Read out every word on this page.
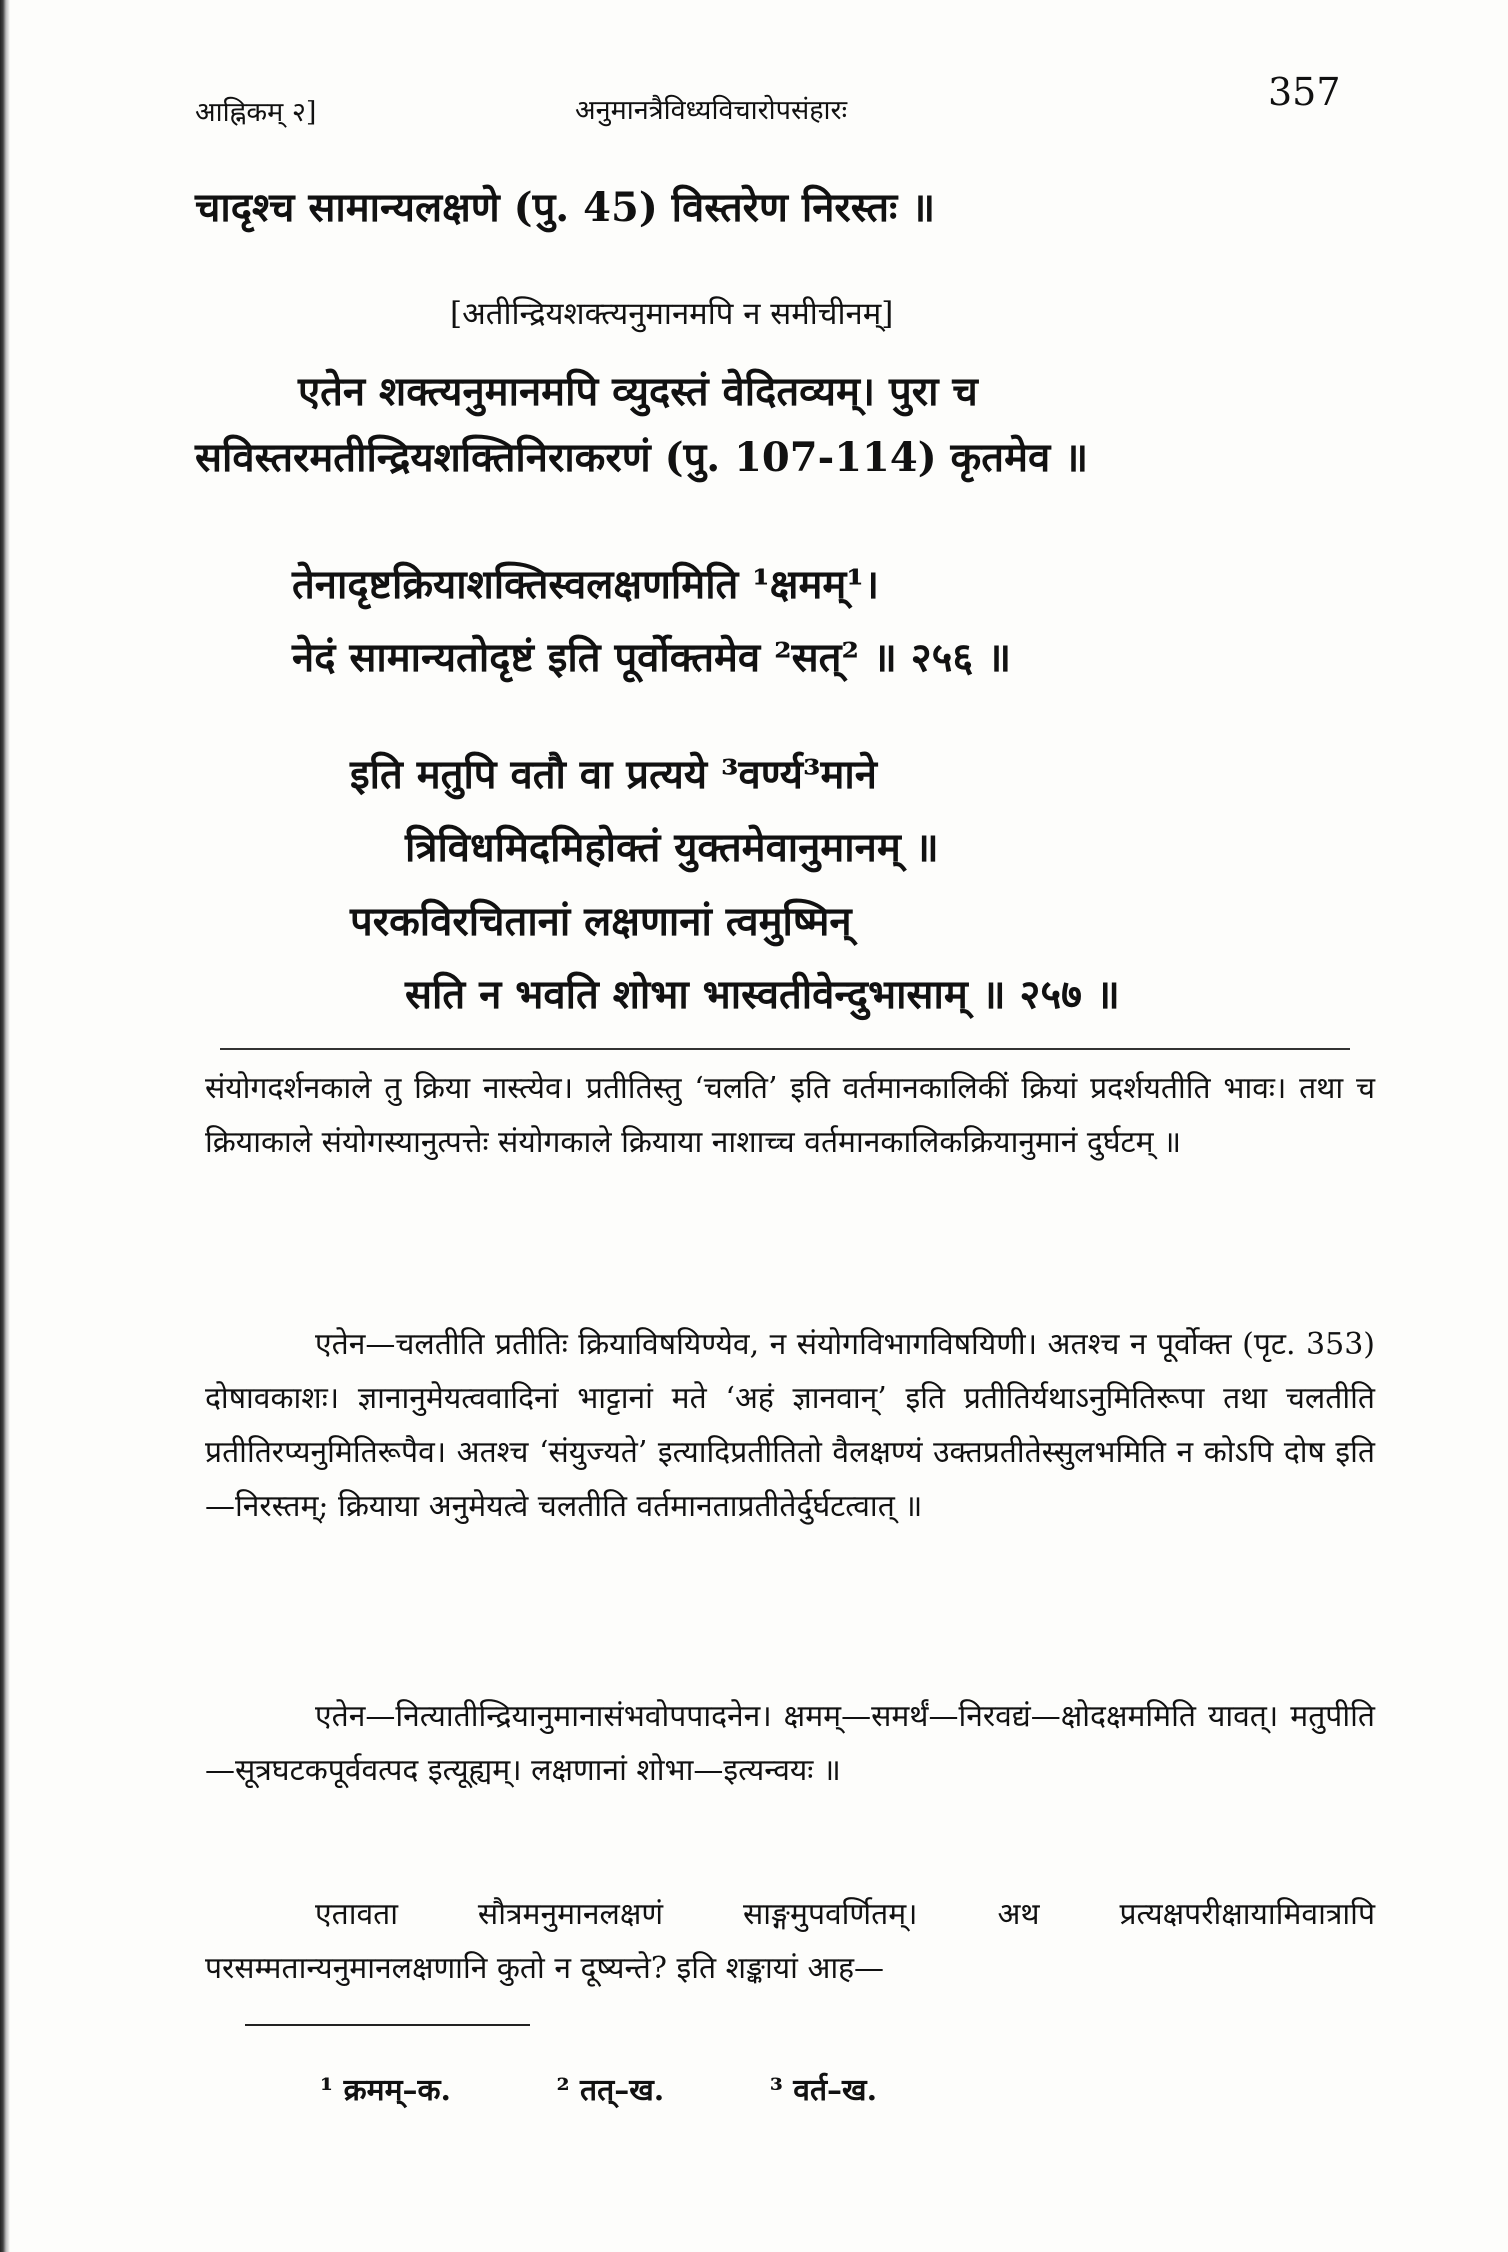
आह्निकम् २]	अनुमानत्रैविध्यविचारोपसंहारः	357
चादृश्च सामान्यलक्षणे (पु. 45) विस्तरेण निरस्तः ॥
[अतीन्द्रियशक्त्यनुमानमपि न समीचीनम्]
एतेन शक्त्यनुमानमपि व्युदस्तं वेदितव्यम्। पुरा च
सविस्तरमतीन्द्रियशक्तिनिराकरणं (पु. 107-114) कृतमेव ॥
तेनादृष्टक्रियाशक्तिस्वलक्षणमिति ¹क्षमम्¹।
नेदं सामान्यतोदृष्टं इति पूर्वोक्तमेव ²सत्² ॥ २५६ ॥
इति मतुपि वतौ वा प्रत्यये ³वर्ण्य³माने
त्रिविधमिदमिहोक्तं युक्तमेवानुमानम् ॥
परकविरचितानां लक्षणानां त्वमुष्मिन्
सति न भवति शोभा भास्वतीवेन्दुभासाम् ॥ २५७ ॥

संयोगदर्शनकाले तु क्रिया नास्त्येव। प्रतीतिस्तु ‘चलति’ इति वर्तमानकालिकीं क्रियां प्रदर्शयतीति भावः। तथा च क्रियाकाले संयोगस्यानुत्पत्तेः संयोगकाले क्रियाया नाशाच्च वर्तमानकालिकक्रियानुमानं दुर्घटम् ॥

एतेन—चलतीति प्रतीतिः क्रियाविषयिण्येव, न संयोगविभागविषयिणी। अतश्च न पूर्वोक्त (पृट. 353) दोषावकाशः। ज्ञानानुमेयत्ववादिनां भाट्टानां मते ‘अहं ज्ञानवान्’ इति प्रतीतिर्यथाऽनुमितिरूपा तथा चलतीति प्रतीतिरप्यनुमितिरूपैव। अतश्च ‘संयुज्यते’ इत्यादिप्रतीतितो वैलक्षण्यं उक्तप्रतीतेस्सुलभमिति न कोऽपि दोष इति—निरस्तम्; क्रियाया अनुमेयत्वे चलतीति वर्तमानताप्रतीतेर्दुर्घटत्वात् ॥

एतेन—नित्यातीन्द्रियानुमानासंभवोपपादनेन। क्षमम्—समर्थं—निरवद्यं—क्षोदक्षममिति यावत्। मतुपीति—सूत्रघटकपूर्ववत्पद इत्यूह्यम्। लक्षणानां शोभा—इत्यन्वयः ॥

एतावता सौत्रमनुमानलक्षणं साङ्गमुपवर्णितम्। अथ प्रत्यक्षपरीक्षायामिवात्रापि परसम्मतान्यनुमानलक्षणानि कुतो न दूष्यन्ते? इति शङ्कायां आह—

¹ क्रमम्–क.	² तत्–ख.	³ वर्त–ख.
